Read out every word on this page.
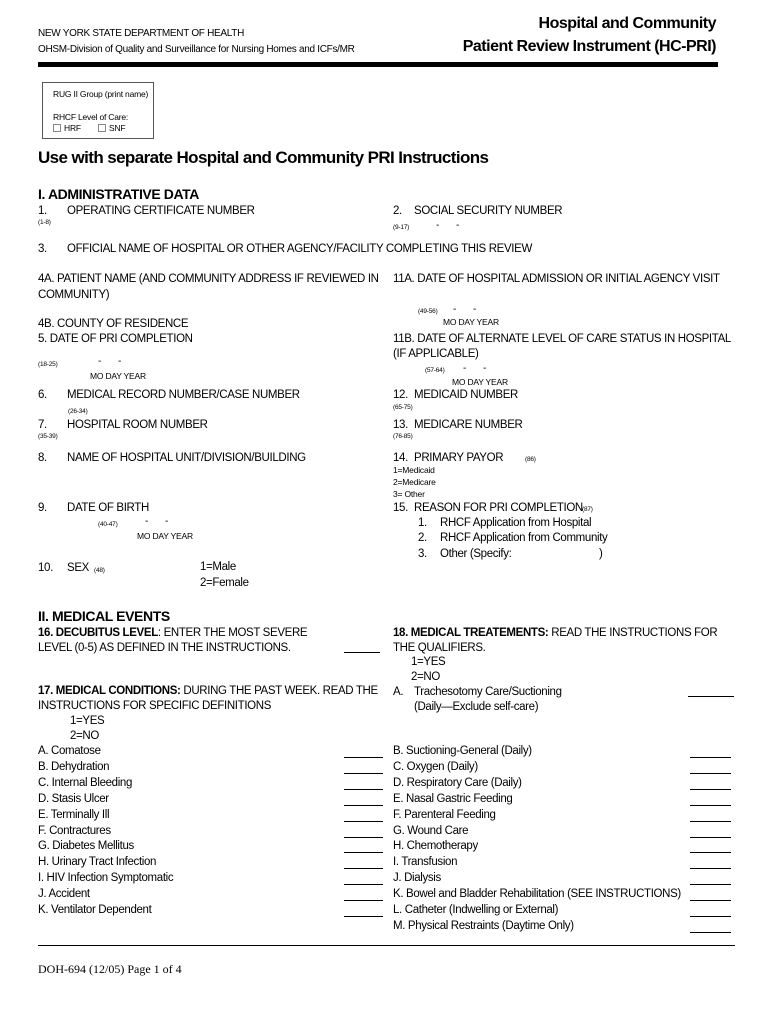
NEW YORK STATE DEPARTMENT OF HEALTH
OHSM-Division of Quality and Surveillance for Nursing Homes and ICFs/MR
Hospital and Community
Patient Review Instrument (HC-PRI)
RUG II Group (print name)
RHCF Level of Care:
HRF	SNF
Use with separate Hospital and Community PRI Instructions
I. ADMINISTRATIVE DATA
1. OPERATING CERTIFICATE NUMBER
(1-8)
2. SOCIAL SECURITY NUMBER
(9-17)	- -
3. OFFICIAL NAME OF HOSPITAL OR OTHER AGENCY/FACILITY COMPLETING THIS REVIEW
4A. PATIENT NAME (AND COMMUNITY ADDRESS IF REVIEWED IN
COMMUNITY)
11A. DATE OF HOSPITAL ADMISSION OR INITIAL AGENCY VISIT
(49-56) - -
MO DAY YEAR
4B. COUNTY OF RESIDENCE
5. DATE OF PRI COMPLETION
(18-25)	- -
MO DAY YEAR
11B. DATE OF ALTERNATE LEVEL OF CARE STATUS IN HOSPITAL
(IF APPLICABLE)
(57-64) - -
MO DAY YEAR
6. MEDICAL RECORD NUMBER/CASE NUMBER
(26-34)
12. MEDICAID NUMBER
(65-75)
7. HOSPITAL ROOM NUMBER
(35-39)
13. MEDICARE NUMBER
(76-85)
8. NAME OF HOSPITAL UNIT/DIVISION/BUILDING	14. PRIMARY PAYOR	(86)
1=Medicaid
2=Medicare
3= Other
9. DATE OF BIRTH
(40-47)	- -
MO DAY YEAR
15. REASON FOR PRI COMPLETION (87)
1. RHCF Application from Hospital
2. RHCF Application from Community
3. Other (Specify:	)
10. SEX (48)	1=Male
2=Female
II. MEDICAL EVENTS
16. DECUBITUS LEVEL: ENTER THE MOST SEVERE
LEVEL (0-5) AS DEFINED IN THE INSTRUCTIONS.
18. MEDICAL TREATEMENTS: READ THE INSTRUCTIONS FOR
THE QUALIFIERS.
1=YES
2=NO
A. Trachesotomy Care/Suctioning
(Daily—Exclude self-care)
17. MEDICAL CONDITIONS: DURING THE PAST WEEK. READ THE
INSTRUCTIONS FOR SPECIFIC DEFINITIONS
1=YES
2=NO
DOH-694 (12/05) Page 1 of 4
A. Comatose
B. Dehydration
C. Internal Bleeding
D. Stasis Ulcer
E. Terminally Ill
F. Contractures
G. Diabetes Mellitus
H. Urinary Tract Infection
I. HIV Infection Symptomatic
J. Accident
K. Ventilator Dependent
B. Suctioning-General (Daily)
C. Oxygen (Daily)
D. Respiratory Care (Daily)
E. Nasal Gastric Feeding
F. Parenteral Feeding
G. Wound Care
H. Chemotherapy
I. Transfusion
J. Dialysis
K. Bowel and Bladder Rehabilitation (SEE INSTRUCTIONS)
L. Catheter (Indwelling or External)
M. Physical Restraints (Daytime Only)
